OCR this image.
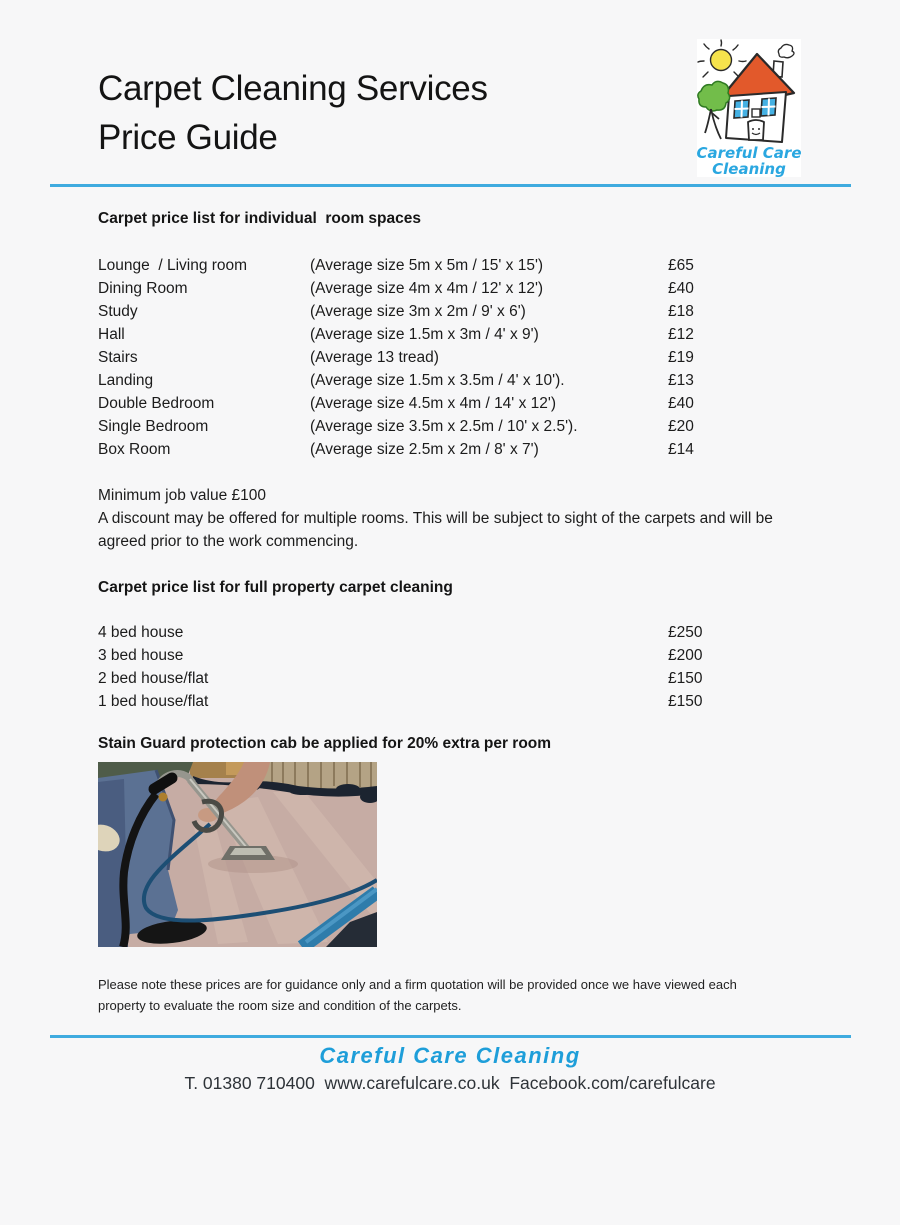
Carpet Cleaning Services
Price Guide	Careful Care
Cleaning
Carpet price list for individual  room spaces
Lounge  / Living room	(Average size 5m x 5m / 15' x 15')	£65
Dining Room	(Average size 4m x 4m / 12' x 12')	£40
Study	(Average size 3m x 2m / 9' x 6')	£18
Hall	(Average size 1.5m x 3m / 4' x 9')	£12
Stairs	(Average 13 tread)	£19
Landing	(Average size 1.5m x 3.5m / 4' x 10').	£13
Double Bedroom	(Average size 4.5m x 4m / 14' x 12')	£40
Single Bedroom	(Average size 3.5m x 2.5m / 10' x 2.5').	£20
Box Room	(Average size 2.5m x 2m / 8' x 7')	£14
Minimum job value £100
A discount may be offered for multiple rooms. This will be subject to sight of the carpets and will be agreed prior to the work commencing.
Carpet price list for full property carpet cleaning
4 bed house	£250
3 bed house	£200
2 bed house/flat	£150
1 bed house/flat	£150
Stain Guard protection cab be applied for 20% extra per room
Please note these prices are for guidance only and a firm quotation will be provided once we have viewed each property to evaluate the room size and condition of the carpets.
Careful Care Cleaning
T. 01380 710400  www.carefulcare.co.uk  Facebook.com/carefulcare
